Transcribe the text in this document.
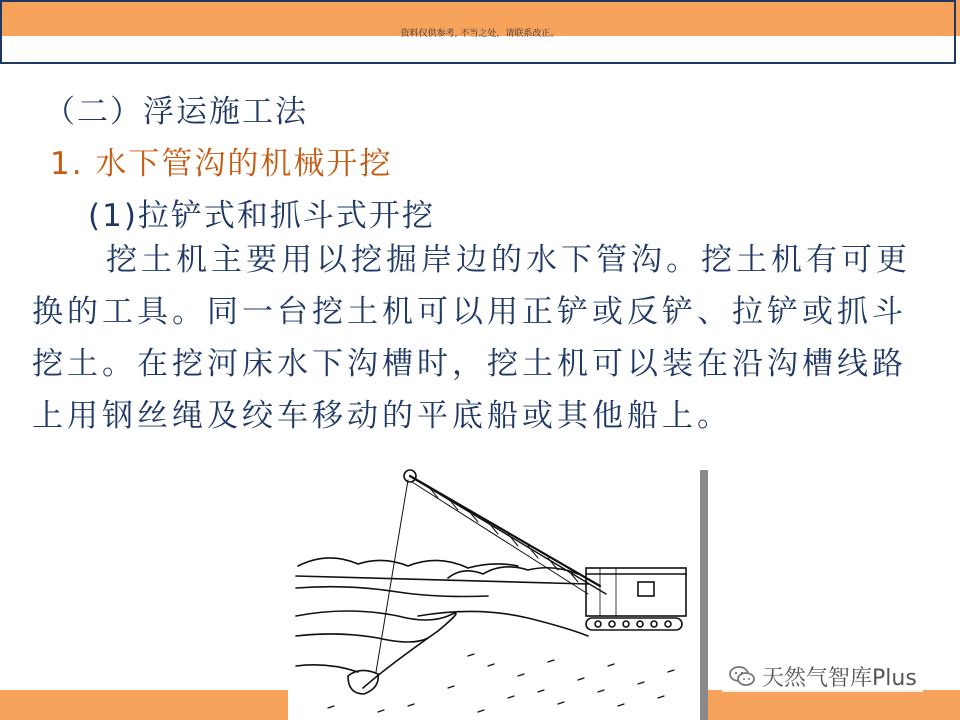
资料仅供参考, 不当之处，请联系改正。
（二）浮运施工法
1. 水下管沟的机械开挖
(1)拉铲式和抓斗式开挖

挖土机主要用以挖掘岸边的水下管沟。挖土机有可更换的工具。同一台挖土机可以用正铲或反铲、拉铲或抓斗挖土。在挖河床水下沟槽时，挖土机可以装在沿沟槽线路上用钢丝绳及绞车移动的平底船或其他船上。

天然气智库Plus
